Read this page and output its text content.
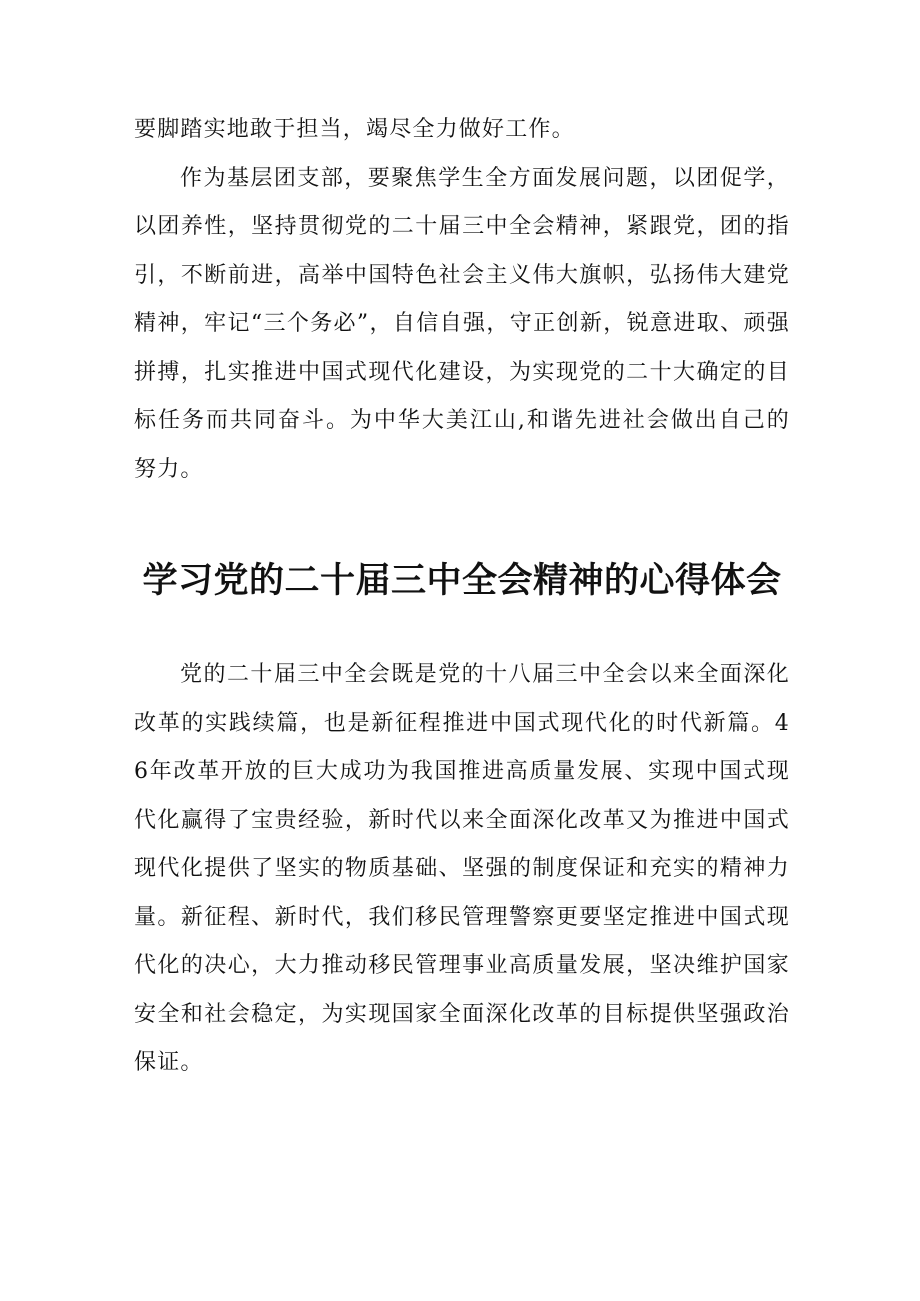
要脚踏实地敢于担当，竭尽全力做好工作。

作为基层团支部，要聚焦学生全方面发展问题，以团促学，以团养性，坚持贯彻党的二十届三中全会精神，紧跟党，团的指引，不断前进，高举中国特色社会主义伟大旗帜，弘扬伟大建党精神，牢记“三个务必”，自信自强，守正创新，锐意进取、顽强拼搏，扎实推进中国式现代化建设，为实现党的二十大确定的目标任务而共同奋斗。为中华大美江山,和谐先进社会做出自己的努力。

学习党的二十届三中全会精神的心得体会

党的二十届三中全会既是党的十八届三中全会以来全面深化改革的实践续篇，也是新征程推进中国式现代化的时代新篇。46年改革开放的巨大成功为我国推进高质量发展、实现中国式现代化赢得了宝贵经验，新时代以来全面深化改革又为推进中国式现代化提供了坚实的物质基础、坚强的制度保证和充实的精神力量。新征程、新时代，我们移民管理警察更要坚定推进中国式现代化的决心，大力推动移民管理事业高质量发展，坚决维护国家安全和社会稳定，为实现国家全面深化改革的目标提供坚强政治保证。
